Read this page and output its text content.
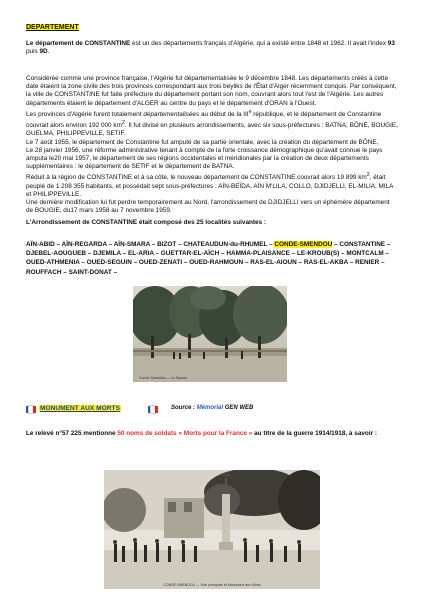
DEPARTEMENT
Le département de CONSTANTINE est un des départements français d'Algérie, qui a existé entre 1848 et 1962. Il avait l'index 93 puis 9D.
Considérée comme une province française, l'Algérie fut départementalisée le 9 décembre 1848. Les départements créés à cette date étaient la zone civile des trois provinces correspondant aux trois beyliks de l'État d'Alger récemment conquis. Par conséquent, la ville de CONSTANTINE fut faite préfecture du département portant son nom, couvrant alors tout l'est de l'Algérie. Les autres départements étaient le département d'ALGER au centre du pays et le département d'ORAN à l'Ouest.
Les provinces d'Algérie furent totalement départementalisées au début de la IIIe république, et le département de Constantine couvrait alors environ 192 000 $km^2$. Il fut divisé en plusieurs arrondissements, avec six sous-préfectures : BATNA, BÔNE, BOUGIE, GUELMA, PHILIPPEVILLE, SETIF.
Le 7 août 1955, le département de Constantine fut amputé de sa partie orientale, avec la création du département de BÔNE.
Le 28 janvier 1956, une réforme administrative tenant à compte de la forte croissance démographique qu'avait connue le pays amputa le20 mai 1957, le département de ses régions occidentales et méridionales par la création de deux départements supplémentaires : le département de SETIF et le département de BATNA.
Réduit à la région de CONSTANTINE et à sa côte, le nouveau département de CONSTANTINE couvrait alors 19 899 $km^2$, était peuplé de 1 208 355 habitants, et possédait sept sous-préfectures : AÏN-BEÏDA, AÏN M'LILA, COLLO, DJIDJELLI, EL-MILIA, MILA et PHILIPPEVILLE.
Une dernière modification lui fut perdre temporairement au Nord, l'arrondissement de DJIDJELLI vers un éphémère département de BOUGIE, du17 mars 1958 au 7 novembre 1959.
L'Arrondissement de CONSTANTINE était composé des 25 localités suivantes :
AÏN-ABID – AÏN-REGARDA – AÏN-SMARA – BIZOT – CHATEAUDUN-du-RHUMEL – CONDE-SMENDOU – CONSTANTINE – DJEBEL-AOUGUEB – DJEMILA – EL-ARIA – GUETTAR-EL-AÏCH – HAMMA-PLAISANCE – LE-KROUB(S) – MONTCALM – OUED-ATHMENIA – OUED-SEGUIN – OUED-ZENATI – OUED-RAHMOUN – RAS-EL-AIOUN – RAS-EL-AKBA – RENIER – ROUFFACH – SAINT-DONAT –
Condé-Smendou — Le Square
MONUMENT AUX MORTS	Source : Mémorial GEN WEB
Le relevé n°57 225 mentionne 50 noms de soldats « Morts pour la France » au titre de la guerre 1914/1918, à savoir :
CONDÉ-SMENDOU — Rue principale et Monument aux Morts
